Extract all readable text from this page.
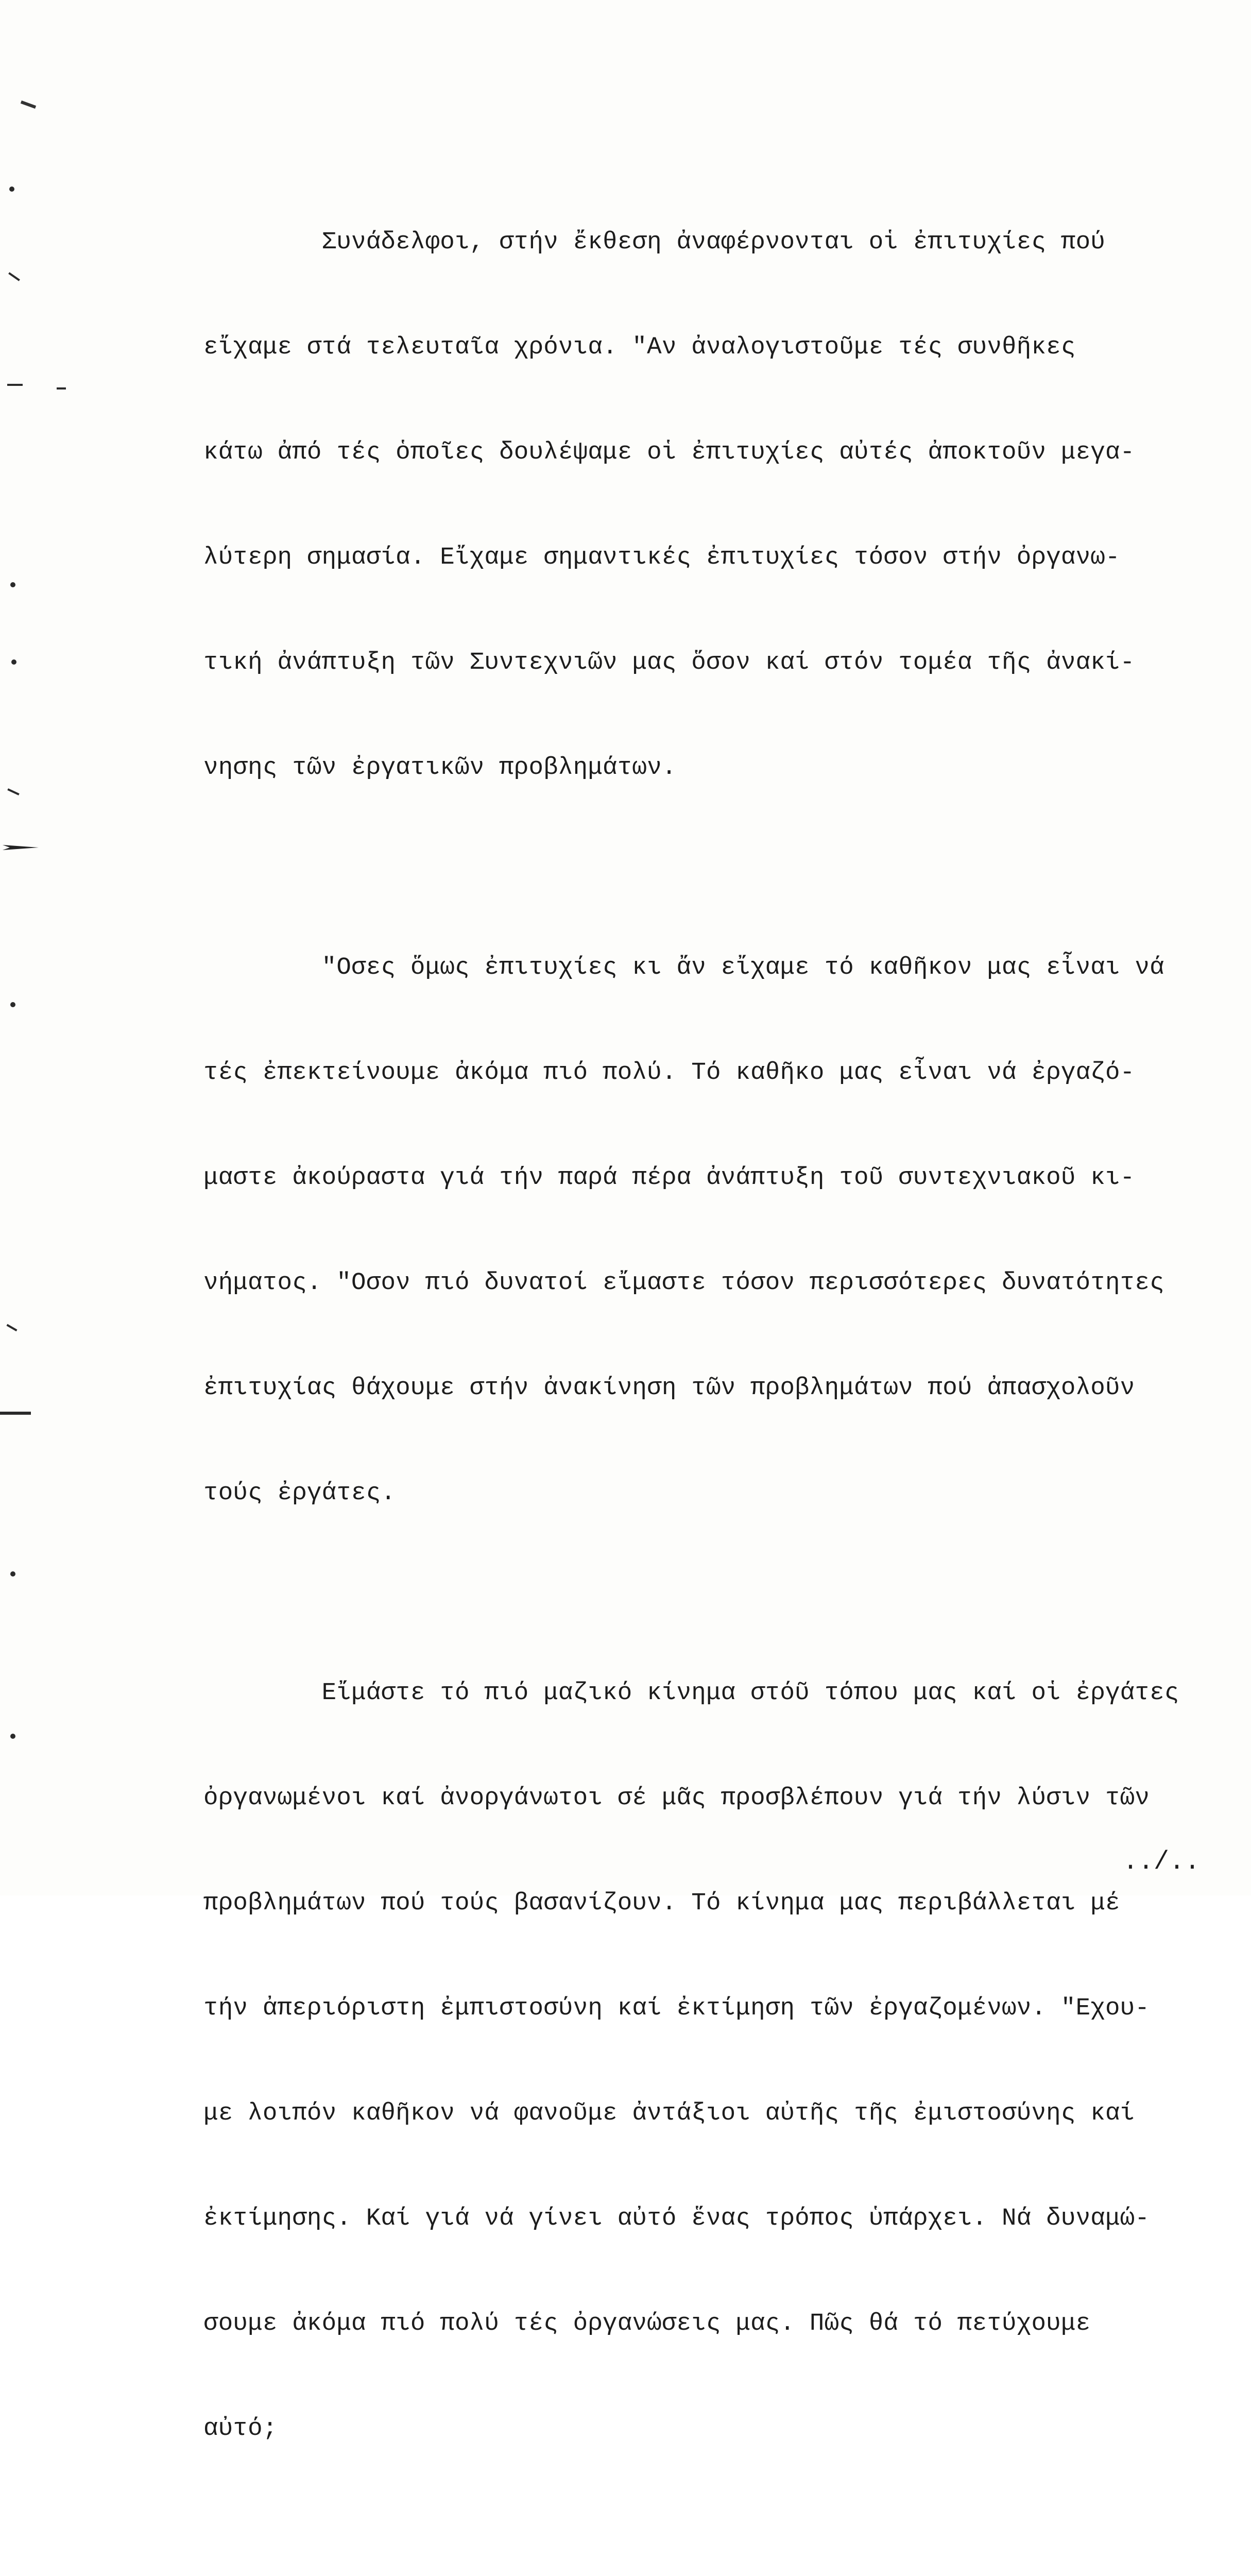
Συνάδελφοι, στήν ἔκθεση ἀναφέρνονται οἱ ἐπιτυχίες πού

εἴχαμε στά τελευταῖα χρόνια. "Αν ἀναλογιστοῦμε τές συνθῆκες

κάτω ἀπό τές ὁποῖες δουλέψαμε οἱ ἐπιτυχίες αὐτές ἀποκτοῦν μεγα-

λύτερη σημασία. Εἴχαμε σημαντικές ἐπιτυχίες τόσον στήν ὀργανω-

τική ἀνάπτυξη τῶν Συντεχνιῶν μας ὅσον καί στόν τομέα τῆς ἀνακί-

νησης τῶν ἐργατικῶν προβλημάτων.

"Οσες ὅμως ἐπιτυχίες κι ἄν εἴχαμε τό καθῆκον μας εἶναι νά

τές ἐπεκτείνουμε ἀκόμα πιό πολύ. Τό καθῆκο μας εἶναι νά ἐργαζό-

μαστε ἀκούραστα γιά τήν παρά πέρα ἀνάπτυξη τοῦ συντεχνιακοῦ κι-

νήματος. "Οσον πιό δυνατοί εἴμαστε τόσον περισσότερες δυνατότητες

ἐπιτυχίας θάχουμε στήν ἀνακίνηση τῶν προβλημάτων πού ἀπασχολοῦν

τούς ἐργάτες.

Εἴμάστε τό πιό μαζικό κίνημα στόῦ τόπου μας καί οἱ ἐργάτες

ὀργανωμένοι καί ἀνοργάνωτοι σέ μᾶς προσβλέπουν γιά τήν λύσιν τῶν

προβλημάτων πού τούς βασανίζουν. Τό κίνημα μας περιβάλλεται μέ

τήν ἀπεριόριστη ἐμπιστοσύνη καί ἐκτίμηση τῶν ἐργαζομένων. "Εχου-

με λοιπόν καθῆκον νά φανοῦμε ἀντάξιοι αὐτῆς τῆς ἐμιστοσύνης καί

ἐκτίμησης. Καί γιά νά γίνει αὐτό ἕνας τρόπος ὑπάρχει. Νά δυναμώ-

σουμε ἀκόμα πιό πολύ τές ὀργανώσεις μας. Πῶς θά τό πετύχουμε

αὐτό;

../..
